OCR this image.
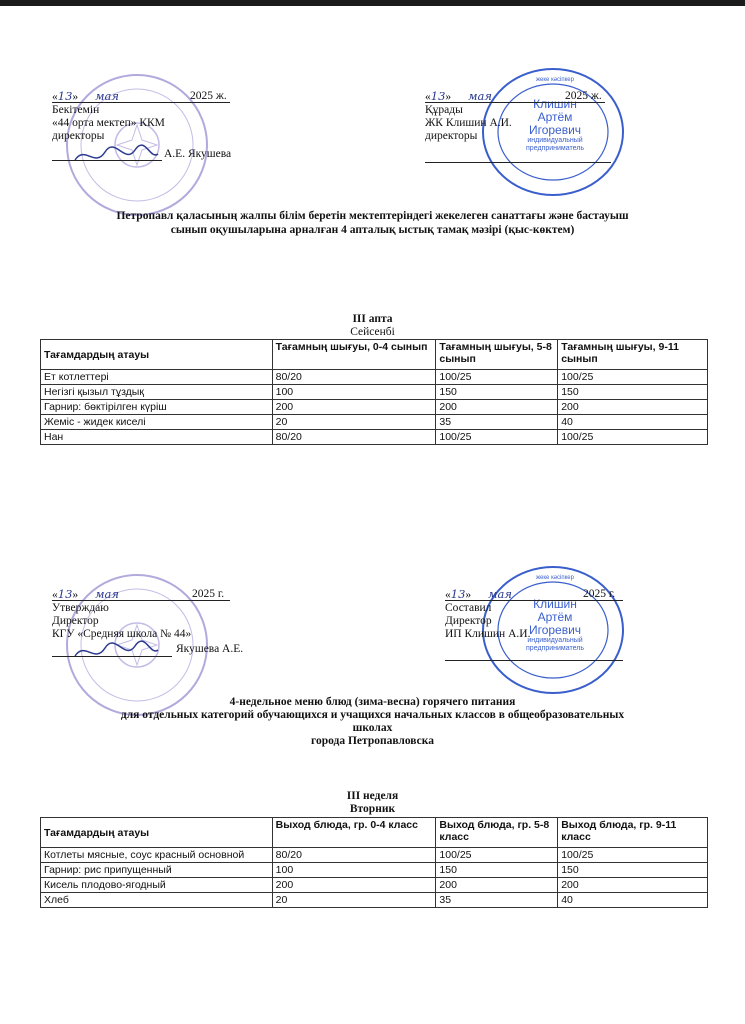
«13» мая	2025 ж.
Бекітемін
«44 орта мектеп» ККМ
директоры
А.Е. Якушева
жеке кәсіпкер
Клишин
Артём
Игоревич
индивидуальный
предприниматель
«13» мая	2025 ж.
Құрады
ЖК Клишин А.И.
директоры
Петропавл қаласының жалпы білім беретін мектептеріндегі жекелеген санаттағы және бастауыш
сынып оқушыларына арналған 4 апталық ыстық тамақ мәзірі (қыс-көктем)
III апта
Сейсенбі
Тағамдардың атауы	Тағамның шығуы, 0-4 сынып	Тағамның шығуы, 5-8 сынып	Тағамның шығуы, 9-11 сынып
Ет котлеттері	80/20	100/25	100/25
Негізгі қызыл тұздық	100	150	150
Гарнир: бөктірілген күріш	200	200	200
Жеміс - жидек киселі	20	35	40
Нан	80/20	100/25	100/25
«13» мая	2025 г.
Утверждаю
Директор
КГУ «Средняя школа № 44»
Якушева А.Е.
жеке кәсіпкер
Клишин
Артём
Игоревич
индивидуальный
предприниматель
«13» мая	2025 г.
Составил
Директор
ИП Клишин А.И.
4-недельное меню блюд (зима-весна) горячего питания
для отдельных категорий обучающихся и учащихся начальных классов в общеобразовательных
школах
города Петропавловска
III неделя
Вторник
Тағамдардың атауы	Выход блюда, гр. 0-4 класс	Выход блюда, гр. 5-8 класс	Выход блюда, гр. 9-11 класс
Котлеты мясные, соус красный основной	80/20	100/25	100/25
Гарнир: рис припущенный	100	150	150
Кисель плодово-ягодный	200	200	200
Хлеб	20	35	40
